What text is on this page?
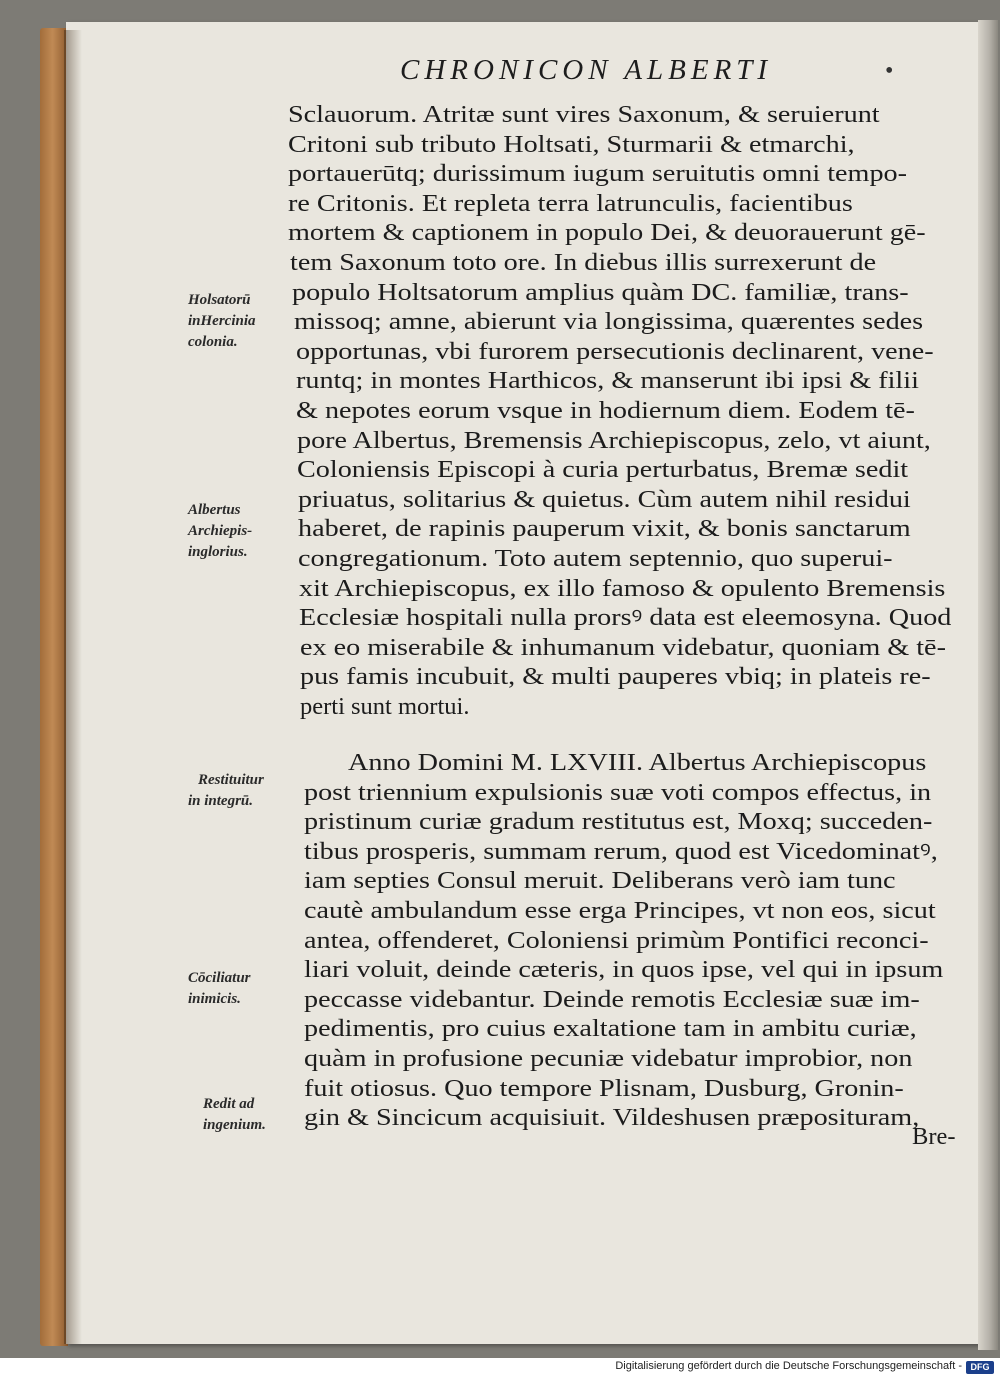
CHRONICON ALBERTI	•
Sclauorum. Atritæ sunt vires Saxonum, & seruierunt
Critoni sub tributo Holtsati, Sturmarii & etmarchi,
portauerūtq; durissimum iugum seruitutis omni tempo-
re Critonis. Et repleta terra latrunculis, facientibus
mortem & captionem in populo Dei, & deuorauerunt gē-
tem Saxonum toto ore. In diebus illis surrexerunt de
populo Holtsatorum amplius quàm DC. familiæ, trans-
missoq; amne, abierunt via longissima, quærentes sedes
opportunas, vbi furorem persecutionis declinarent, vene-
runtq; in montes Harthicos, & manserunt ibi ipsi & filii
& nepotes eorum vsque in hodiernum diem. Eodem tē-
pore Albertus, Bremensis Archiepiscopus, zelo, vt aiunt,
Coloniensis Episcopi à curia perturbatus, Bremæ sedit
priuatus, solitarius & quietus. Cùm autem nihil residui
haberet, de rapinis pauperum vixit, & bonis sanctarum
congregationum. Toto autem septennio, quo superui-
xit Archiepiscopus, ex illo famoso & opulento Bremensis
Ecclesiæ hospitali nulla prorsꝰ data est eleemosyna. Quod
ex eo miserabile & inhumanum videbatur, quoniam & tē-
pus famis incubuit, & multi pauperes vbiq; in plateis re-
perti sunt mortui.
Anno Domini M. LXVIII. Albertus Archiepiscopus
post triennium expulsionis suæ voti compos effectus, in
pristinum curiæ gradum restitutus est, Moxq; succeden-
tibus prosperis, summam rerum, quod est Vicedominatꝰ,
iam septies Consul meruit. Deliberans verò iam tunc
cautè ambulandum esse erga Principes, vt non eos, sicut
antea, offenderet, Coloniensi primùm Pontifici reconci-
liari voluit, deinde cæteris, in quos ipse, vel qui in ipsum
peccasse videbantur. Deinde remotis Ecclesiæ suæ im-
pedimentis, pro cuius exaltatione tam in ambitu curiæ,
quàm in profusione pecuniæ videbatur improbior, non
fuit otiosus. Quo tempore Plisnam, Dusburg, Gronin-
gin & Sincicum acquisiuit. Vildeshusen præposituram,
Holsatorū
inHercinia
colonia.
Albertus
Archiepis-
inglorius.
Restituitur
in integrū.
Cōciliatur
inimicis.
Redit ad
ingenium.	Bre-
Digitalisierung gefördert durch die Deutsche Forschungsgemeinschaft - DFG
